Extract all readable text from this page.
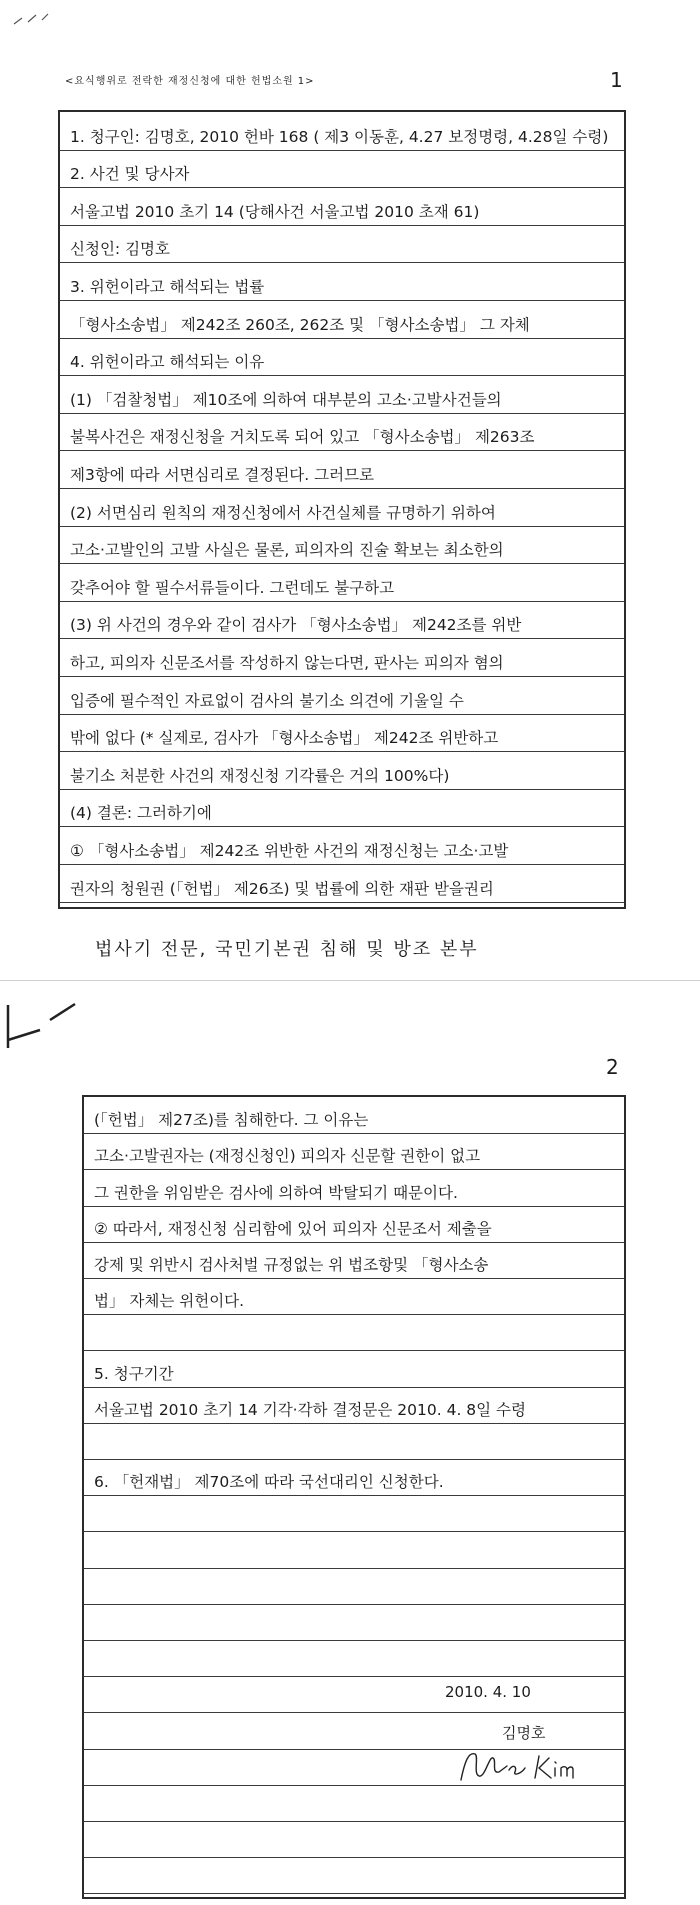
<요식행위로 전락한 재정신청에 대한 헌법소원 1>	1
1. 청구인: 김명호, 2010 헌바 168 ( 제3 이동훈, 4.27 보정명령, 4.28일 수령)
2. 사건 및 당사자
서울고법 2010 초기 14 (당해사건 서울고법 2010 초재 61)
신청인: 김명호
3. 위헌이라고 해석되는 법률
「형사소송법」 제242조 260조, 262조 및 「형사소송법」 그 자체
4. 위헌이라고 해석되는 이유
(1) 「검찰청법」 제10조에 의하여 대부분의 고소·고발사건들의
불복사건은 재정신청을 거치도록 되어 있고 「형사소송법」 제263조
제3항에 따라 서면심리로 결정된다. 그러므로
(2) 서면심리 원칙의 재정신청에서 사건실체를 규명하기 위하여
고소·고발인의 고발 사실은 물론, 피의자의 진술 확보는 최소한의
갖추어야 할 필수서류들이다. 그런데도 불구하고
(3) 위 사건의 경우와 같이 검사가 「형사소송법」 제242조를 위반
하고, 피의자 신문조서를 작성하지 않는다면, 판사는 피의자 혐의
입증에 필수적인 자료없이 검사의 불기소 의견에 기울일 수
밖에 없다 (* 실제로, 검사가 「형사소송법」 제242조 위반하고
불기소 처분한 사건의 재정신청 기각률은 거의 100%다)
(4) 결론: 그러하기에
① 「형사소송법」 제242조 위반한 사건의 재정신청는 고소·고발
권자의 청원권 (「헌법」 제26조) 및 법률에 의한 재판 받을권리
법사기 전문, 국민기본권 침해 및 방조 본부
2
(「헌법」 제27조)를 침해한다. 그 이유는
고소·고발권자는 (재정신청인) 피의자 신문할 권한이 없고
그 권한을 위임받은 검사에 의하여 박탈되기 때문이다.
② 따라서, 재정신청 심리함에 있어 피의자 신문조서 제출을
강제 및 위반시 검사처벌 규정없는 위 법조항및 「형사소송
법」 자체는 위헌이다.
5. 청구기간
서울고법 2010 초기 14 기각·각하 결정문은 2010. 4. 8일 수령
6. 「헌재법」 제70조에 따라 국선대리인 신청한다.
2010. 4. 10
김명호
